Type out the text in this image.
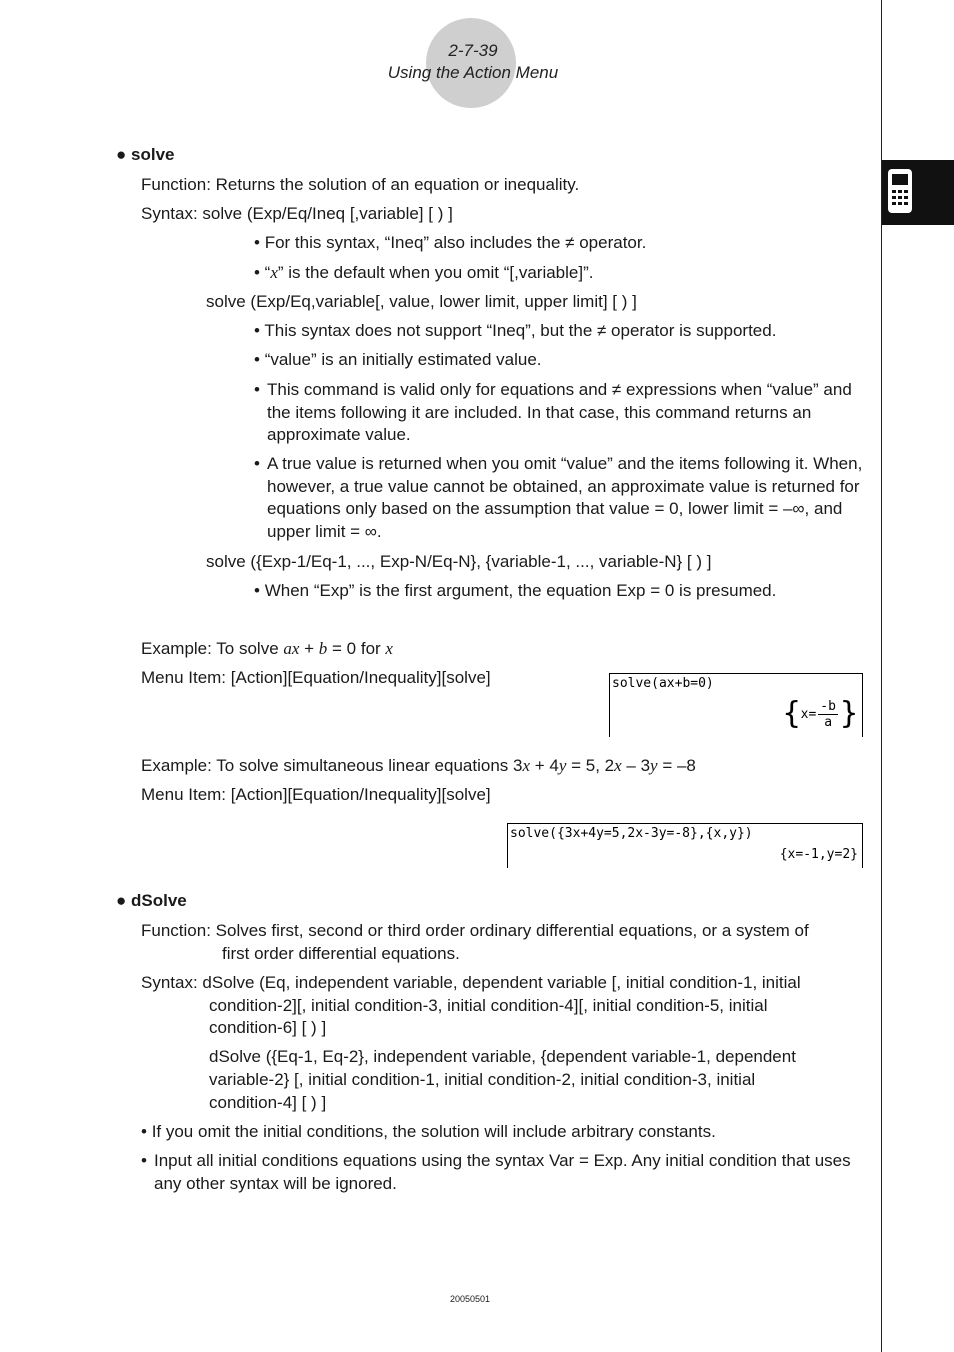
2-7-39
Using the Action Menu
● solve
Function: Returns the solution of an equation or inequality.
Syntax: solve (Exp/Eq/Ineq [,variable] [ ) ]
• For this syntax, “Ineq” also includes the ≠ operator.
• “x” is the default when you omit “[,variable]”.
solve (Exp/Eq,variable[, value, lower limit, upper limit] [ ) ]
• This syntax does not support “Ineq”, but the ≠ operator is supported.
• “value” is an initially estimated value.
• This command is valid only for equations and ≠ expressions when “value” and the items following it are included. In that case, this command returns an approximate value.
• A true value is returned when you omit “value” and the items following it. When, however, a true value cannot be obtained, an approximate value is returned for equations only based on the assumption that value = 0, lower limit = –∞, and upper limit = ∞.
solve ({Exp-1/Eq-1, ..., Exp-N/Eq-N}, {variable-1, ..., variable-N} [ ) ]
• When “Exp” is the first argument, the equation Exp = 0 is presumed.
Example: To solve ax + b = 0 for x
Menu Item: [Action][Equation/Inequality][solve]	solve(ax+b=0)
{ $x= \frac{-b}{a}$ }
Example: To solve simultaneous linear equations 3x + 4y = 5, 2x – 3y = –8
Menu Item: [Action][Equation/Inequality][solve]
solve({3x+4y=5,2x-3y=-8},{x,y})
{x=-1,y=2}
● dSolve
Function: Solves first, second or third order ordinary differential equations, or a system of
first order differential equations.
Syntax: dSolve (Eq, independent variable, dependent variable [, initial condition-1, initial
condition-2][, initial condition-3, initial condition-4][, initial condition-5, initial
condition-6] [ ) ]
dSolve ({Eq-1, Eq-2}, independent variable, {dependent variable-1, dependent
variable-2} [, initial condition-1, initial condition-2, initial condition-3, initial
condition-4] [ ) ]
• If you omit the initial conditions, the solution will include arbitrary constants.
• Input all initial conditions equations using the syntax Var = Exp. Any initial condition that uses any other syntax will be ignored.
20050501
